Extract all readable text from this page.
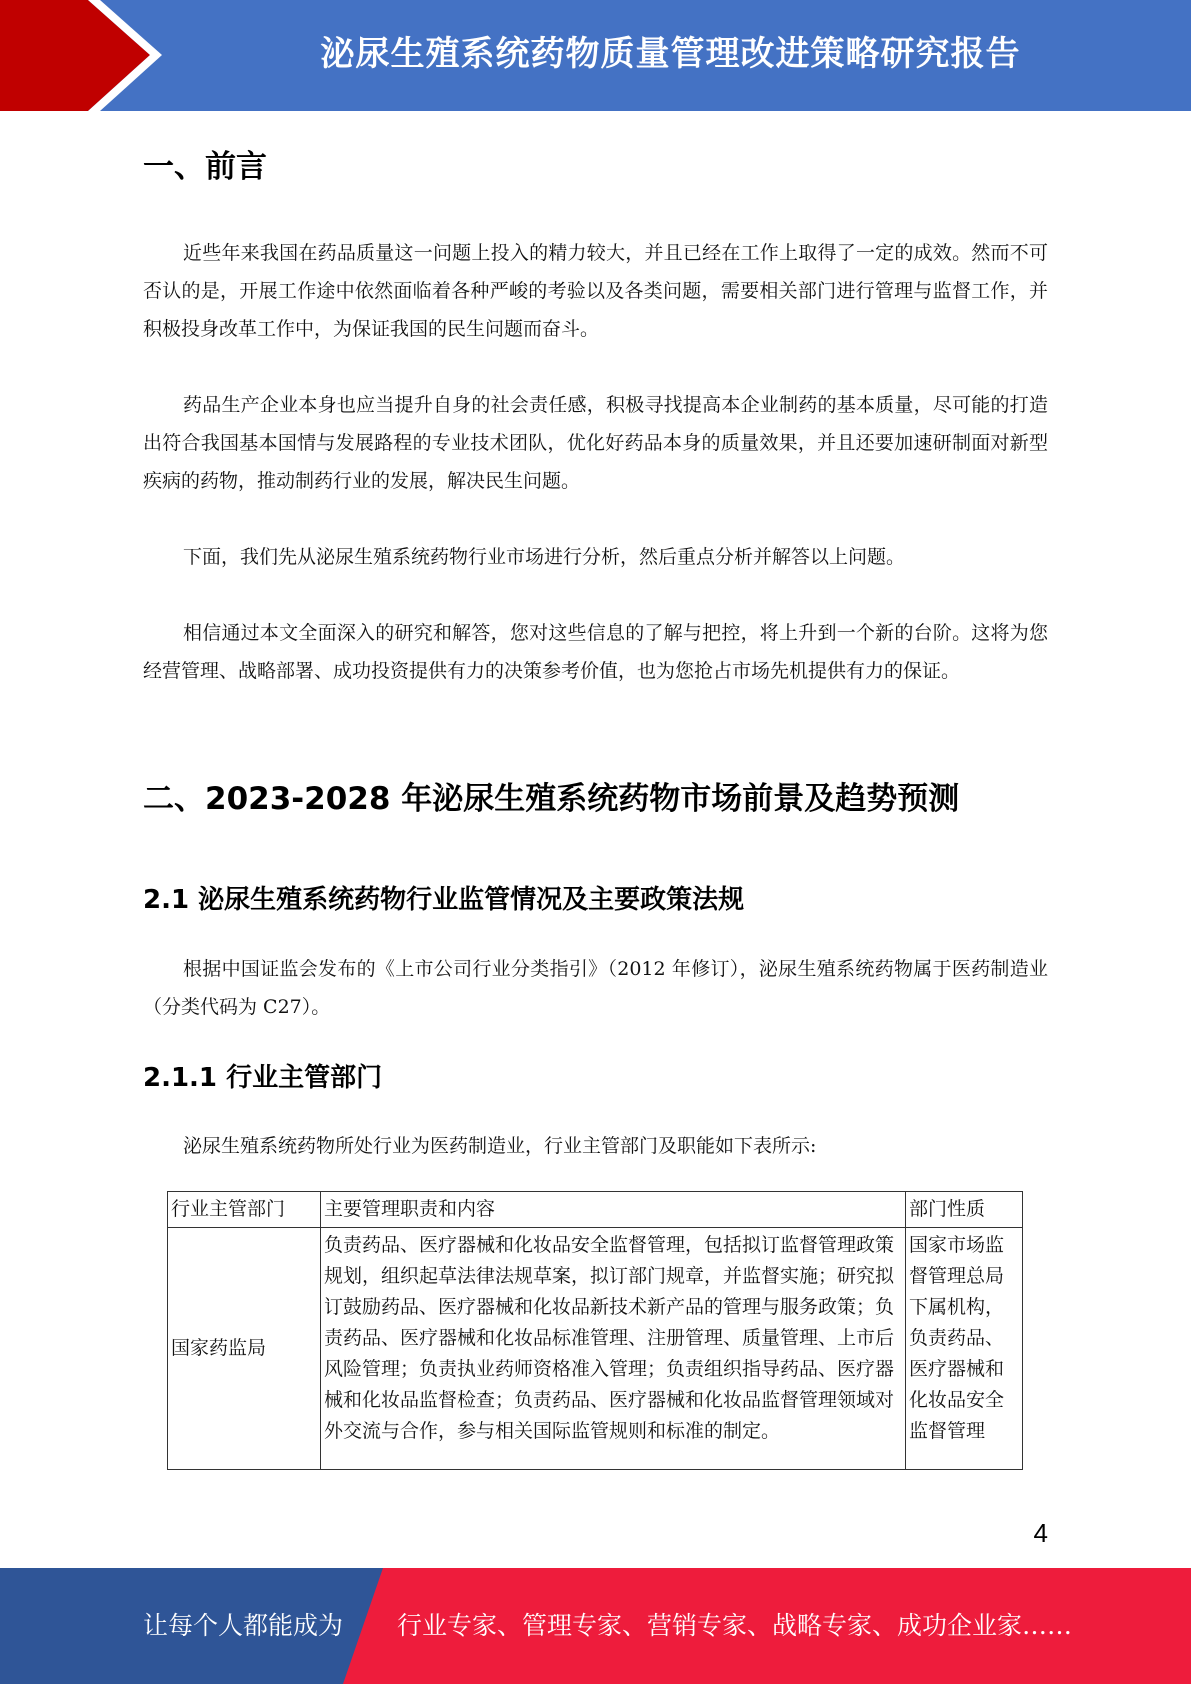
泌尿生殖系统药物质量管理改进策略研究报告
一、前言

近些年来我国在药品质量这一问题上投入的精力较大，并且已经在工作上取得了一定的成效。然而不可否认的是，开展工作途中依然面临着各种严峻的考验以及各类问题，需要相关部门进行管理与监督工作，并积极投身改革工作中，为保证我国的民生问题而奋斗。

药品生产企业本身也应当提升自身的社会责任感，积极寻找提高本企业制药的基本质量，尽可能的打造出符合我国基本国情与发展路程的专业技术团队，优化好药品本身的质量效果，并且还要加速研制面对新型疾病的药物，推动制药行业的发展，解决民生问题。

下面，我们先从泌尿生殖系统药物行业市场进行分析，然后重点分析并解答以上问题。

相信通过本文全面深入的研究和解答，您对这些信息的了解与把控，将上升到一个新的台阶。这将为您经营管理、战略部署、成功投资提供有力的决策参考价值，也为您抢占市场先机提供有力的保证。

二、2023-2028 年泌尿生殖系统药物市场前景及趋势预测
2.1 泌尿生殖系统药物行业监管情况及主要政策法规

根据中国证监会发布的《上市公司行业分类指引》（2012 年修订），泌尿生殖系统药物属于医药制造业（分类代码为 C27）。

2.1.1 行业主管部门

泌尿生殖系统药物所处行业为医药制造业，行业主管部门及职能如下表所示:

行业主管部门	主要管理职责和内容	部门性质
国家药监局	负责药品、医疗器械和化妆品安全监督管理，包括拟订监督管理政策规划，组织起草法律法规草案，拟订部门规章，并监督实施；研究拟订鼓励药品、医疗器械和化妆品新技术新产品的管理与服务政策；负责药品、医疗器械和化妆品标准管理、注册管理、质量管理、上市后风险管理；负责执业药师资格准入管理；负责组织指导药品、医疗器械和化妆品监督检查；负责药品、医疗器械和化妆品监督管理领域对外交流与合作，参与相关国际监管规则和标准的制定。	国家市场监督管理总局下属机构，负责药品、医疗器械和化妆品安全监督管理
4
让每个人都能成为 行业专家、管理专家、营销专家、战略专家、成功企业家……
